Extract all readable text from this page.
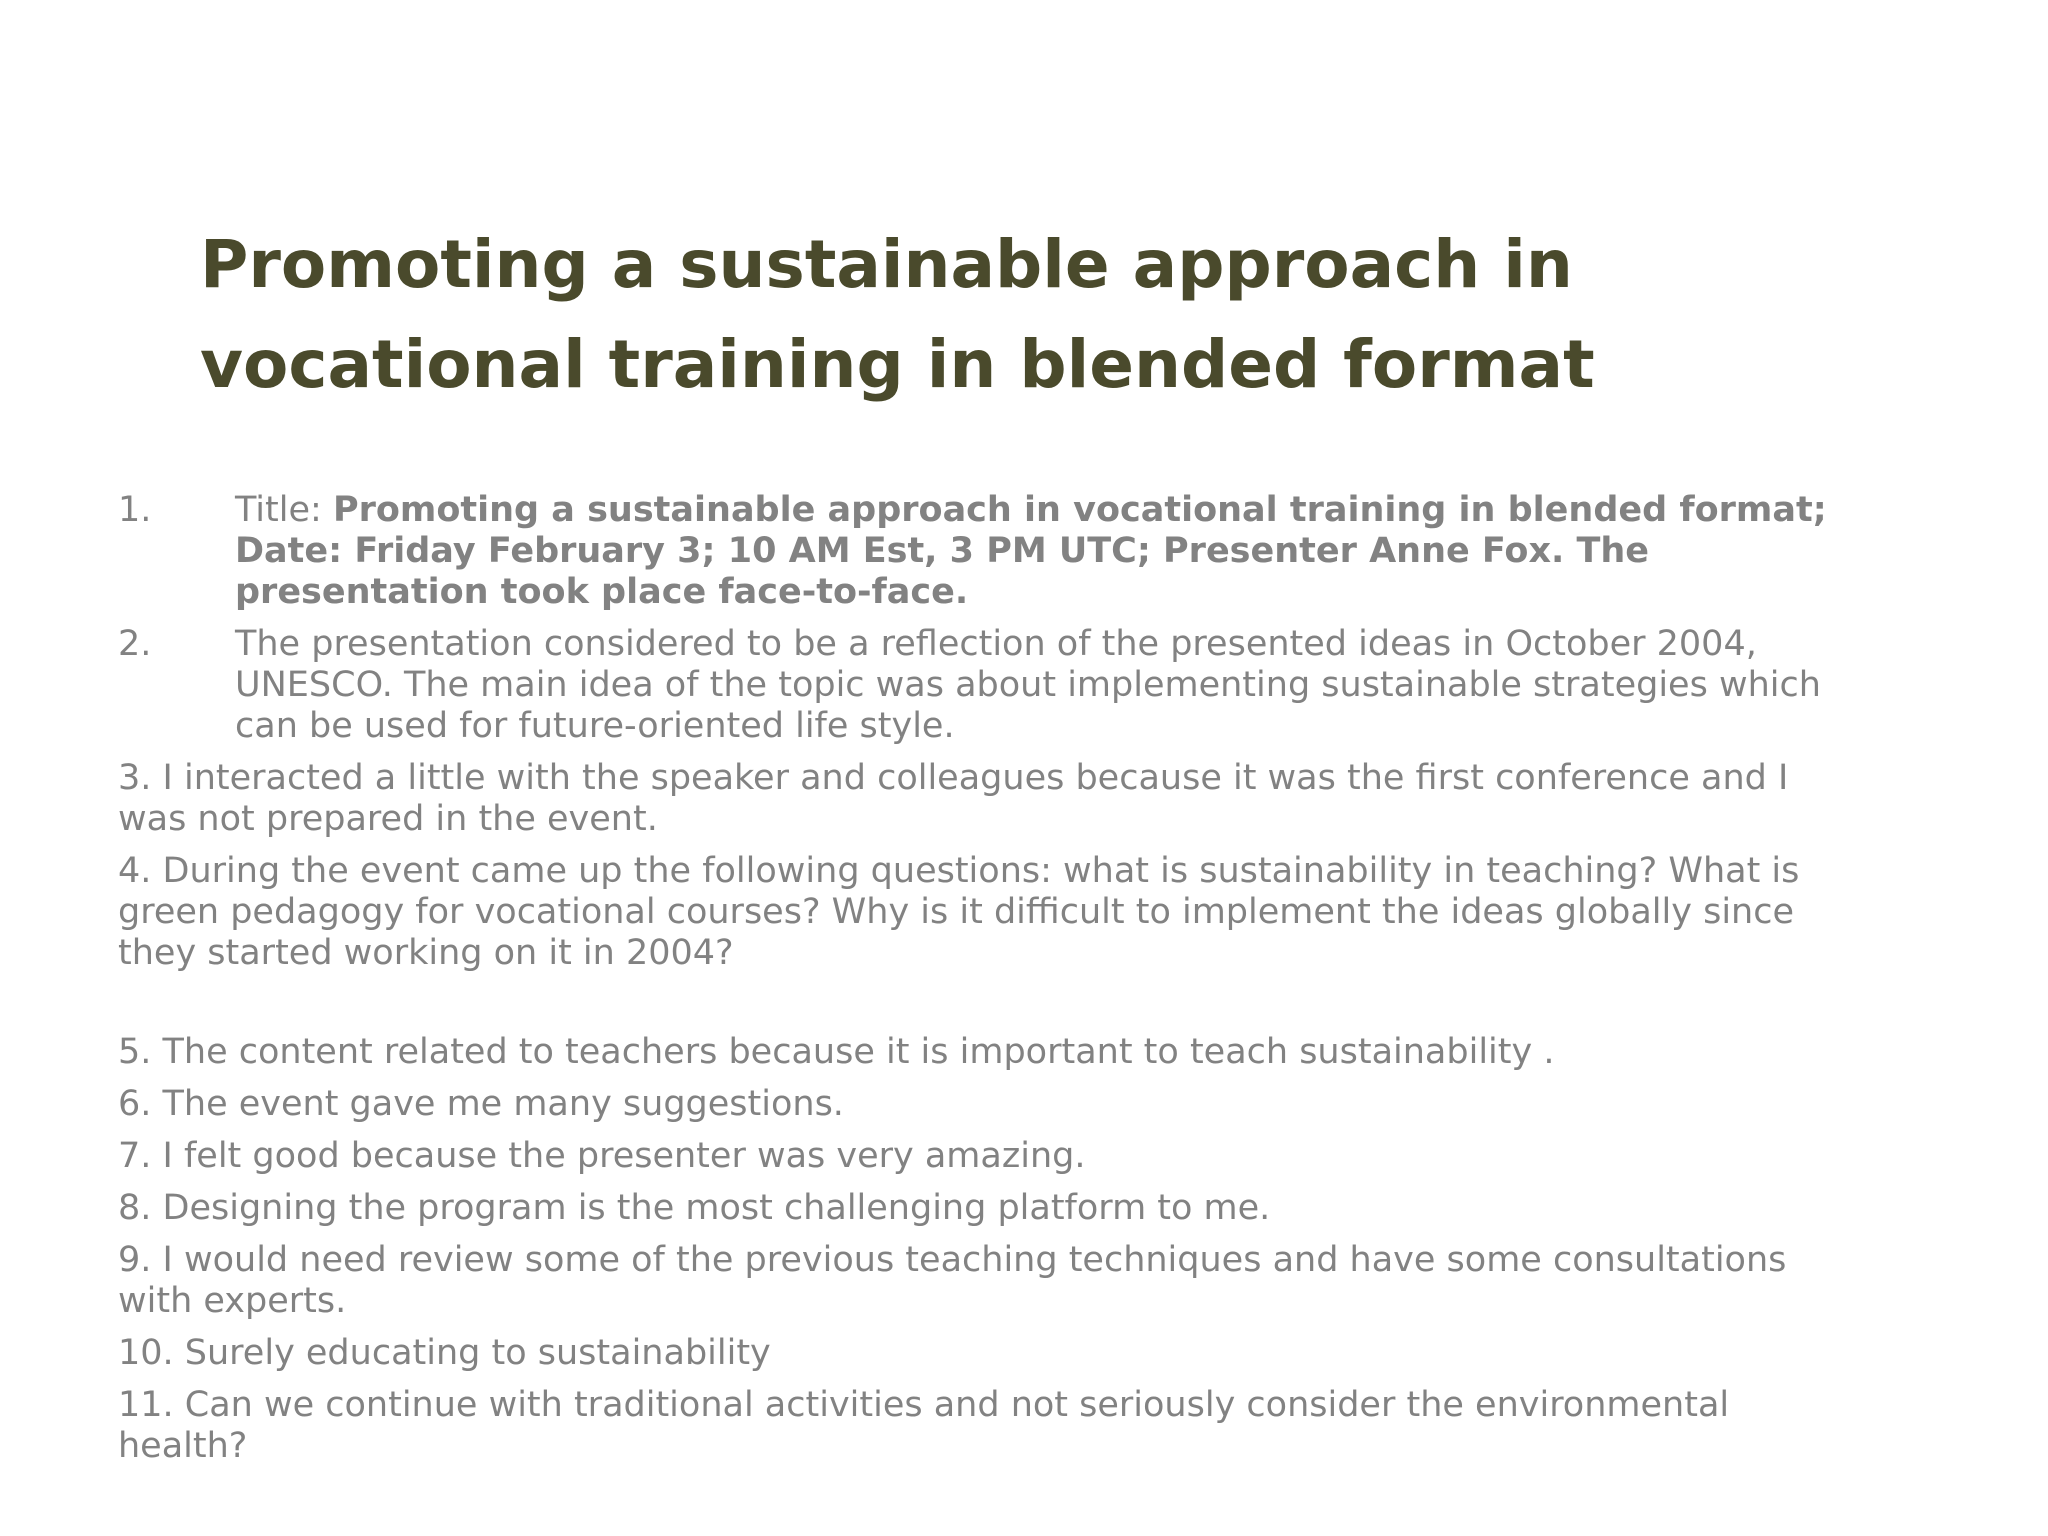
Promoting a sustainable approach in
vocational training in blended format
1. Title: Promoting a sustainable approach in vocational training in blended format; Date: Friday February 3; 10 AM Est, 3 PM UTC; Presenter Anne Fox. The presentation took place face-to-face.
2. The presentation considered to be a reflection of the presented ideas in October 2004, UNESCO. The main idea of the topic was about implementing sustainable strategies which can be used for future-oriented life style.
3. I interacted a little with the speaker and colleagues because it was the first conference and I was not prepared in the event.
4. During the event came up the following questions: what is sustainability in teaching? What is green pedagogy for vocational courses? Why is it difficult to implement the ideas globally since they started working on it in 2004?
5. The content related to teachers because it is important to teach sustainability .
6. The event gave me many suggestions.
7. I felt good because the presenter was very amazing.
8. Designing the program is the most challenging platform to me.
9. I would need review some of the previous teaching techniques and have some consultations with experts.
10. Surely educating to sustainability
11. Can we continue with traditional activities and not seriously consider the environmental health?
